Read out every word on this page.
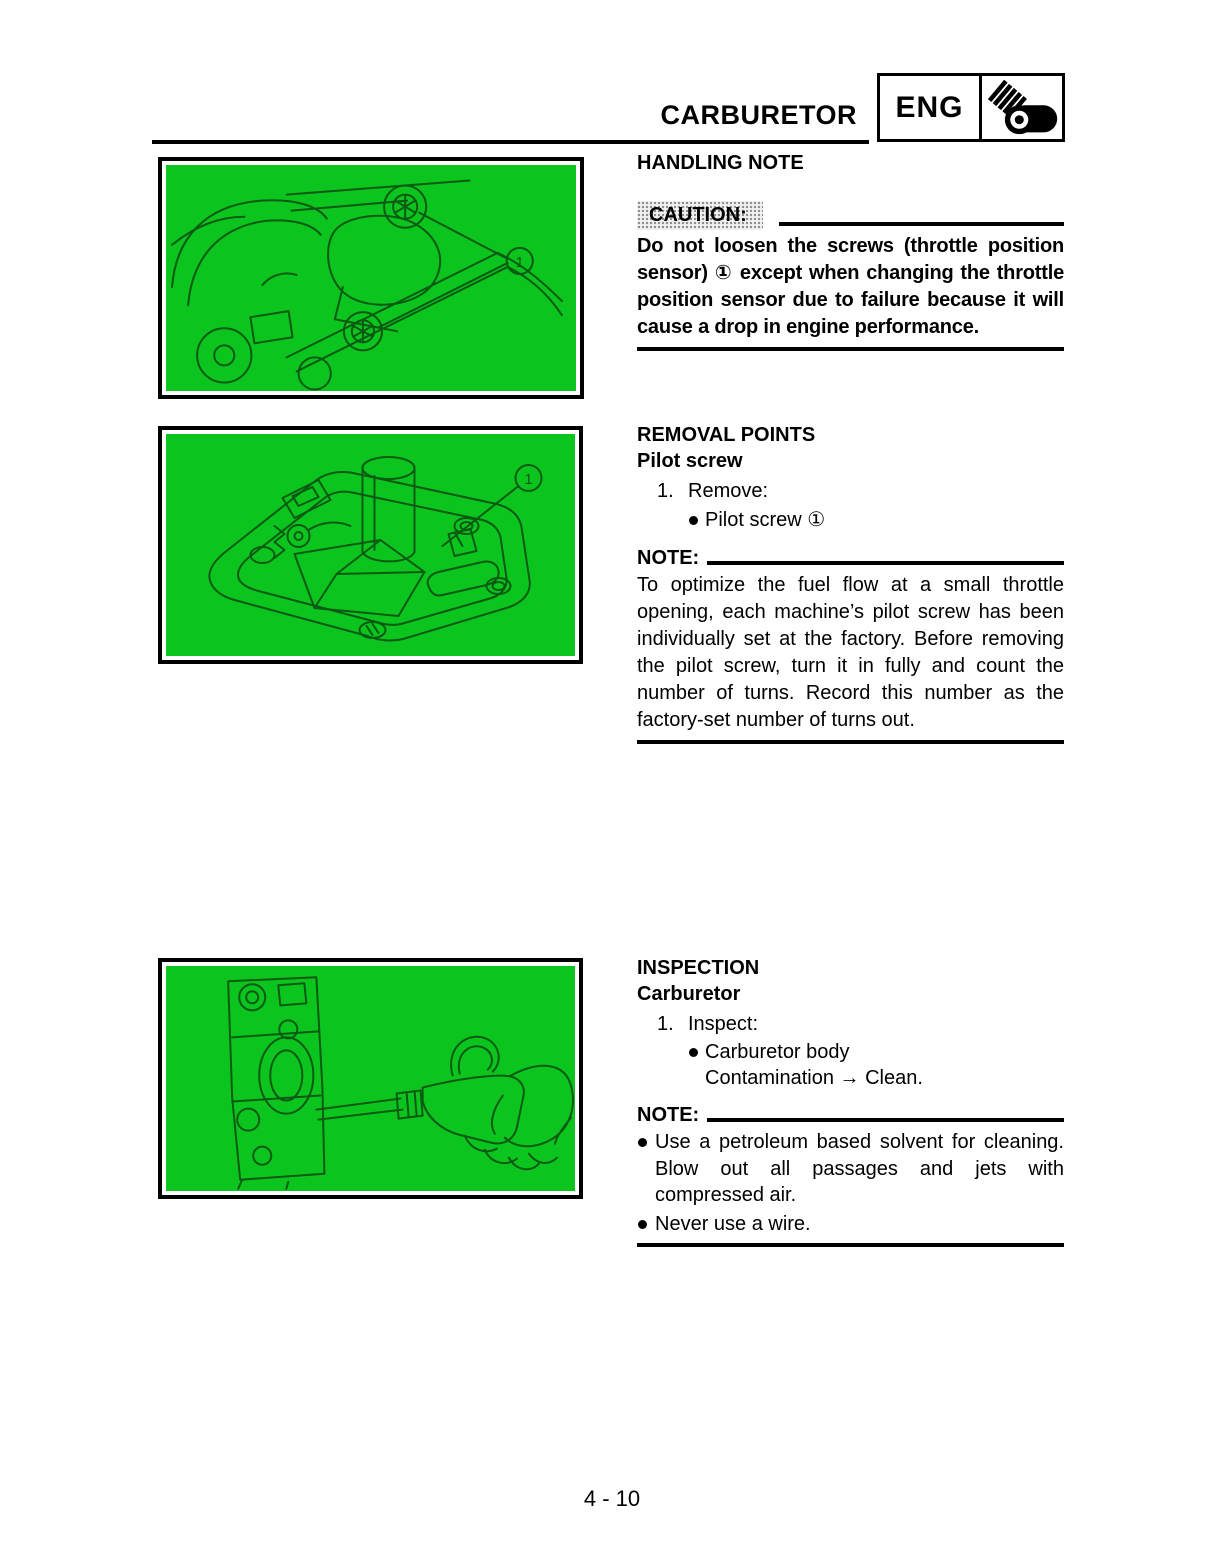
CARBURETOR	ENG
1
1
HANDLING NOTE
CAUTION:

Do not loosen the screws (throttle position sensor) ① except when changing the throttle position sensor due to failure because it will cause a drop in engine performance.

REMOVAL POINTS
Pilot screw
1. Remove:
Pilot screw ①
NOTE:

To optimize the fuel flow at a small throttle opening, each machine’s pilot screw has been individually set at the factory. Before removing the pilot screw, turn it in fully and count the number of turns. Record this number as the factory-set number of turns out.

INSPECTION
Carburetor
1. Inspect:
Carburetor body

Contamination → Clean.

NOTE:

Use a petroleum based solvent for cleaning. Blow out all passages and jets with compressed air.

Never use a wire.

4 - 10
